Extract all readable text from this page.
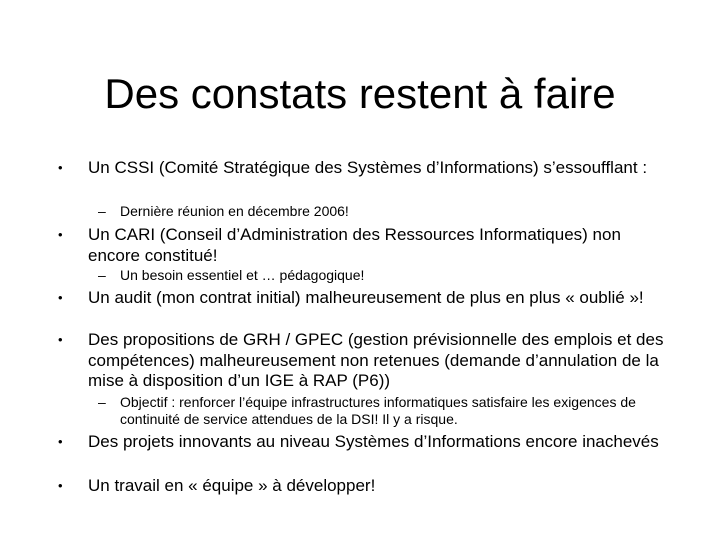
Des constats restent à faire
• Un CSSI (Comité Stratégique des Systèmes d’Informations) s’essoufflant :
– Dernière réunion en décembre 2006!
• Un CARI (Conseil d’Administration des Ressources Informatiques) non encore constitué!
– Un besoin essentiel et … pédagogique!
• Un audit (mon contrat initial) malheureusement de plus en plus « oublié »!
• Des propositions de GRH / GPEC (gestion prévisionnelle des emplois et des compétences) malheureusement non retenues (demande d’annulation de la mise à disposition d’un IGE à RAP (P6))
– Objectif : renforcer l’équipe infrastructures informatiques satisfaire les exigences de continuité de service attendues de la DSI! Il y a risque.
• Des projets innovants au niveau Systèmes d’Informations encore inachevés
• Un travail en « équipe » à développer!
